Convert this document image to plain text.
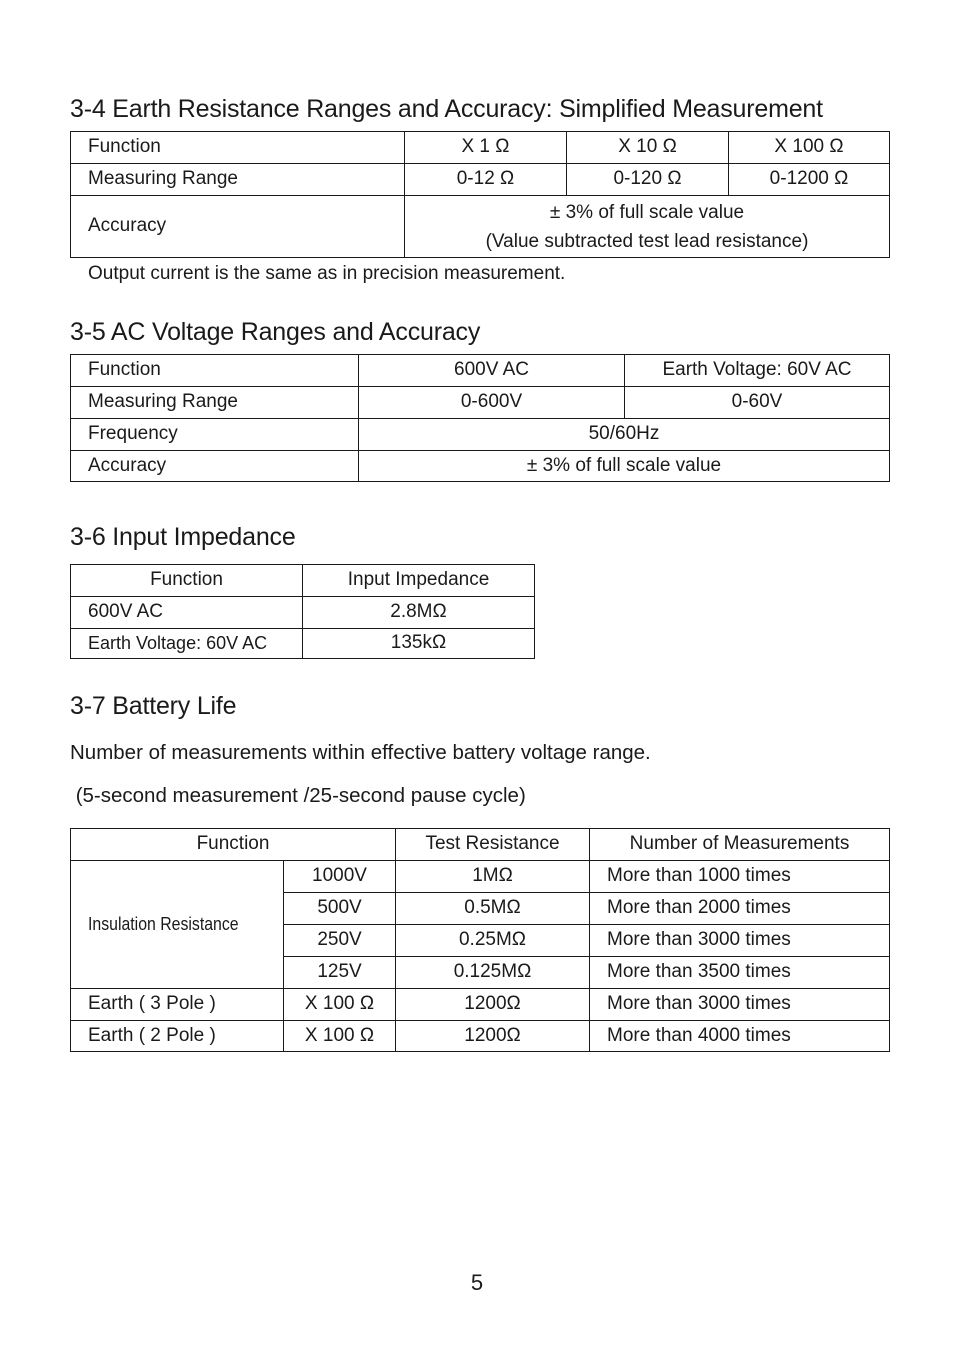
3-4 Earth Resistance Ranges and Accuracy: Simplified Measurement
Function	X 1 Ω	X 10 Ω	X 100 Ω
Measuring Range	0-12 Ω	0-120 Ω	0-1200 Ω
Accuracy	± 3% of full scale value
(Value subtracted test lead resistance)		
Output current is the same as in precision measurement.
3-5 AC Voltage Ranges and Accuracy
Function	600V AC	Earth Voltage: 60V AC
Measuring Range	0-600V	0-60V
Frequency	50/60Hz	
Accuracy	± 3% of full scale value	
3-6 Input Impedance
Function	Input Impedance
600V AC	2.8MΩ
Earth Voltage: 60V AC	135kΩ
3-7 Battery Life
Number of measurements within effective battery voltage range.
(5-second measurement /25-second pause cycle)
Function		Test Resistance	Number of Measurements
Insulation Resistance	1000V	1MΩ	More than 1000 times
	500V	0.5MΩ	More than 2000 times
	250V	0.25MΩ	More than 3000 times
	125V	0.125MΩ	More than 3500 times
Earth ( 3 Pole )	X 100 Ω	1200Ω	More than 3000 times
Earth ( 2 Pole )	X 100 Ω	1200Ω	More than 4000 times
5
